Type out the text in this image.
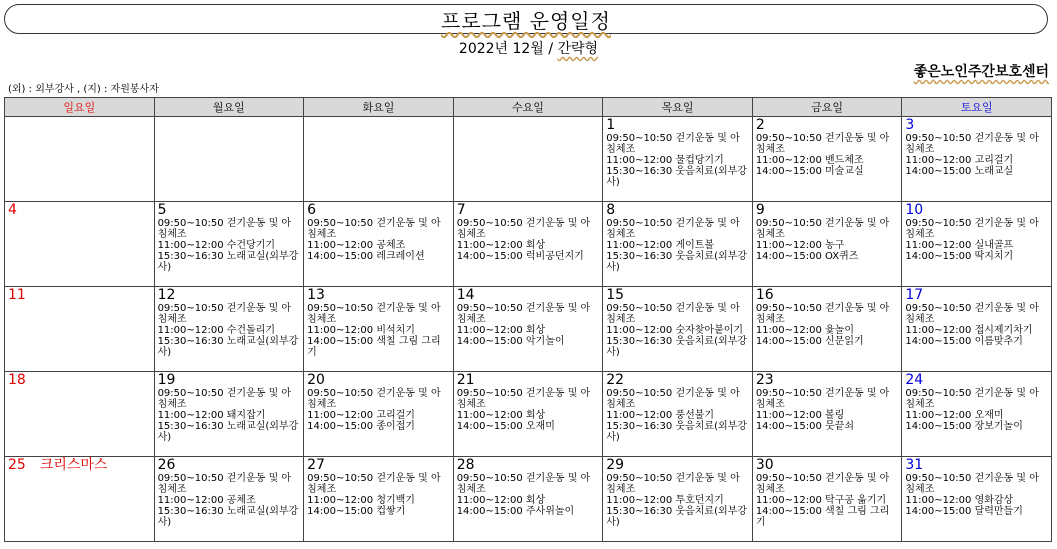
프로그램 운영일정
2022년 12월 / 간략형
좋은노인주간보호센터
(외) : 외부강사 , (지) : 자원봉사자
일요일	월요일	화요일	수요일	목요일	금요일	토요일

				1
09:50~10:50 걷기운동 및 아침체조
11:00~12:00 물컵당기기
15:30~16:30 웃음치료(외부강사)	2
09:50~10:50 걷기운동 및 아침체조
11:00~12:00 밴드체조
14:00~15:00 미술교실	3
09:50~10:50 걷기운동 및 아침체조
11:00~12:00 고리걸기
14:00~15:00 노래교실

4	5
09:50~10:50 걷기운동 및 아침체조
11:00~12:00 수건당기기
15:30~16:30 노래교실(외부강사)	6
09:50~10:50 걷기운동 및 아침체조
11:00~12:00 공체조
14:00~15:00 레크레이션	7
09:50~10:50 걷기운동 및 아침체조
11:00~12:00 회상
14:00~15:00 럭비공던지기	8
09:50~10:50 걷기운동 및 아침체조
11:00~12:00 게이트볼
15:30~16:30 웃음치료(외부강사)	9
09:50~10:50 걷기운동 및 아침체조
11:00~12:00 농구
14:00~15:00 OX퀴즈	10
09:50~10:50 걷기운동 및 아침체조
11:00~12:00 실내골프
14:00~15:00 딱지치기

11	12
09:50~10:50 걷기운동 및 아침체조
11:00~12:00 수건돌리기
15:30~16:30 노래교실(외부강사)	13
09:50~10:50 걷기운동 및 아침체조
11:00~12:00 비석치기
14:00~15:00 색칠 그림 그리기	14
09:50~10:50 걷기운동 및 아침체조
11:00~12:00 회상
14:00~15:00 악기놀이	15
09:50~10:50 걷기운동 및 아침체조
11:00~12:00 숫자찾아붙이기
15:30~16:30 웃음치료(외부강사)	16
09:50~10:50 걷기운동 및 아침체조
11:00~12:00 윷놀이
14:00~15:00 신문읽기	17
09:50~10:50 걷기운동 및 아침체조
11:00~12:00 접시제기차기
14:00~15:00 이름맞추기

18	19
09:50~10:50 걷기운동 및 아침체조
11:00~12:00 돼지잡기
15:30~16:30 노래교실(외부강사)	20
09:50~10:50 걷기운동 및 아침체조
11:00~12:00 고리걸기
14:00~15:00 종이접기	21
09:50~10:50 걷기운동 및 아침체조
11:00~12:00 회상
14:00~15:00 오재미	22
09:50~10:50 걷기운동 및 아침체조
11:00~12:00 풍선불기
15:30~16:30 웃음치료(외부강사)	23
09:50~10:50 걷기운동 및 아침체조
11:00~12:00 볼링
14:00~15:00 뭇끝쇠	24
09:50~10:50 걷기운동 및 아침체조
11:00~12:00 오재미
14:00~15:00 장보기놀이

25 크리스마스	26
09:50~10:50 걷기운동 및 아침체조
11:00~12:00 공체조
15:30~16:30 노래교실(외부강사)	27
09:50~10:50 걷기운동 및 아침체조
11:00~12:00 청기백기
14:00~15:00 컵쌓기	28
09:50~10:50 걷기운동 및 아침체조
11:00~12:00 회상
14:00~15:00 주사위놀이	29
09:50~10:50 걷기운동 및 아침체조
11:00~12:00 투호던지기
15:30~16:30 웃음치료(외부강사)	30
09:50~10:50 걷기운동 및 아침체조
11:00~12:00 탁구공 옮기기
14:00~15:00 색칠 그림 그리기	31
09:50~10:50 걷기운동 및 아침체조
11:00~12:00 영화감상
14:00~15:00 달력만들기
